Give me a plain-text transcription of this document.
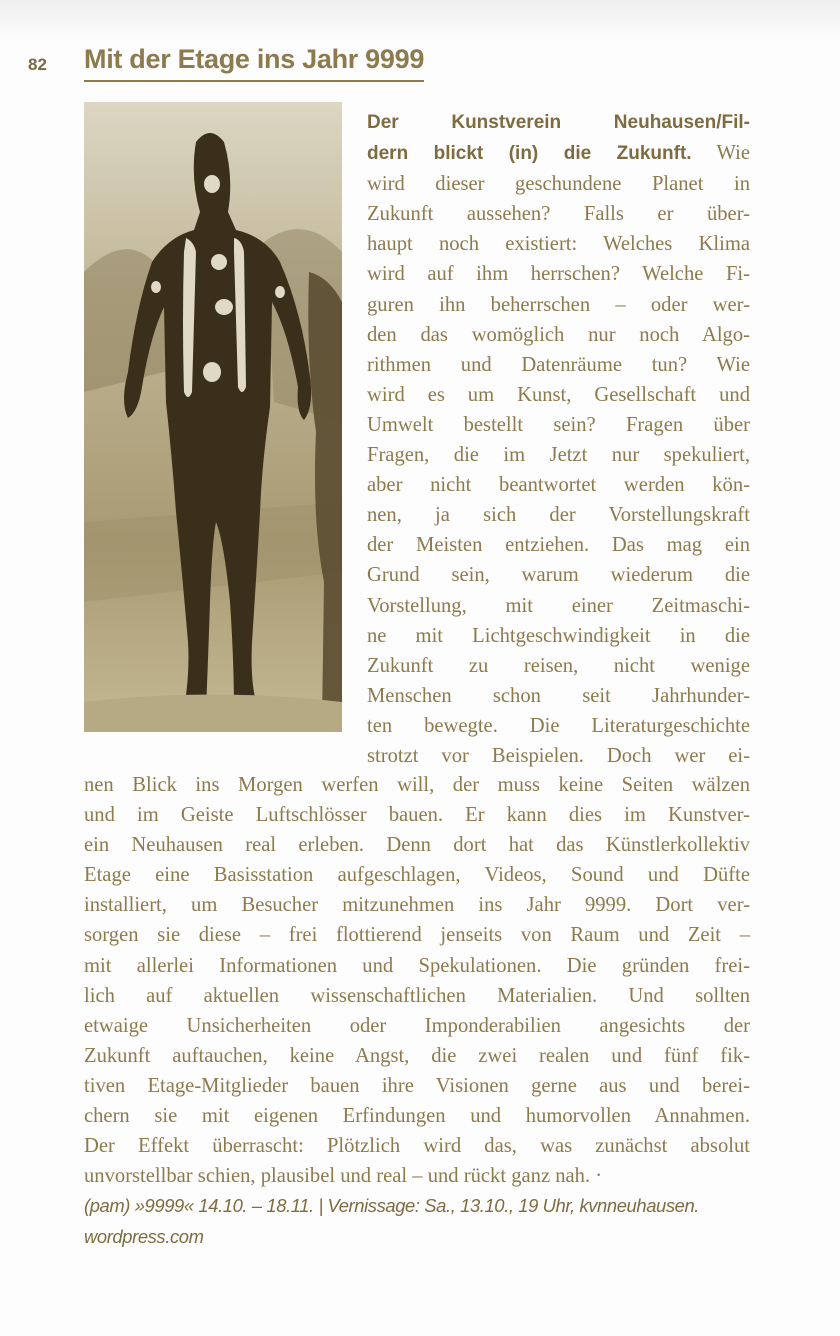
82 Mit der Etage ins Jahr 9999
Der Kunstverein Neuhausen/Fil-
dern blickt (in) die Zukunft. Wie
wird dieser geschundene Planet in
Zukunft aussehen? Falls er über-
haupt noch existiert: Welches Klima
wird auf ihm herrschen? Welche Fi-
guren ihn beherrschen – oder wer-
den das womöglich nur noch Algo-
rithmen und Datenräume tun? Wie
wird es um Kunst, Gesellschaft und
Umwelt bestellt sein? Fragen über
Fragen, die im Jetzt nur spekuliert,
aber nicht beantwortet werden kön-
nen, ja sich der Vorstellungskraft
der Meisten entziehen. Das mag ein
Grund sein, warum wiederum die
Vorstellung, mit einer Zeitmaschi-
ne mit Lichtgeschwindigkeit in die
Zukunft zu reisen, nicht wenige
Menschen schon seit Jahrhunder-
ten bewegte. Die Literaturgeschichte
strotzt vor Beispielen. Doch wer ei-
nen Blick ins Morgen werfen will, der muss keine Seiten wälzen
und im Geiste Luftschlösser bauen. Er kann dies im Kunstver-
ein Neuhausen real erleben. Denn dort hat das Künstlerkollektiv
Etage eine Basisstation aufgeschlagen, Videos, Sound und Düfte
installiert, um Besucher mitzunehmen ins Jahr 9999. Dort ver-
sorgen sie diese – frei flottierend jenseits von Raum und Zeit –
mit allerlei Informationen und Spekulationen. Die gründen frei-
lich auf aktuellen wissenschaftlichen Materialien. Und sollten
etwaige Unsicherheiten oder Imponderabilien angesichts der
Zukunft auftauchen, keine Angst, die zwei realen und fünf fik-
tiven Etage-Mitglieder bauen ihre Visionen gerne aus und berei-
chern sie mit eigenen Erfindungen und humorvollen Annahmen.
Der Effekt überrascht: Plötzlich wird das, was zunächst absolut
unvorstellbar schien, plausibel und real – und rückt ganz nah. ·
(pam) »9999« 14.10. – 18.11. | Vernissage: Sa., 13.10., 19 Uhr, kvnneuhausen.
wordpress.com
